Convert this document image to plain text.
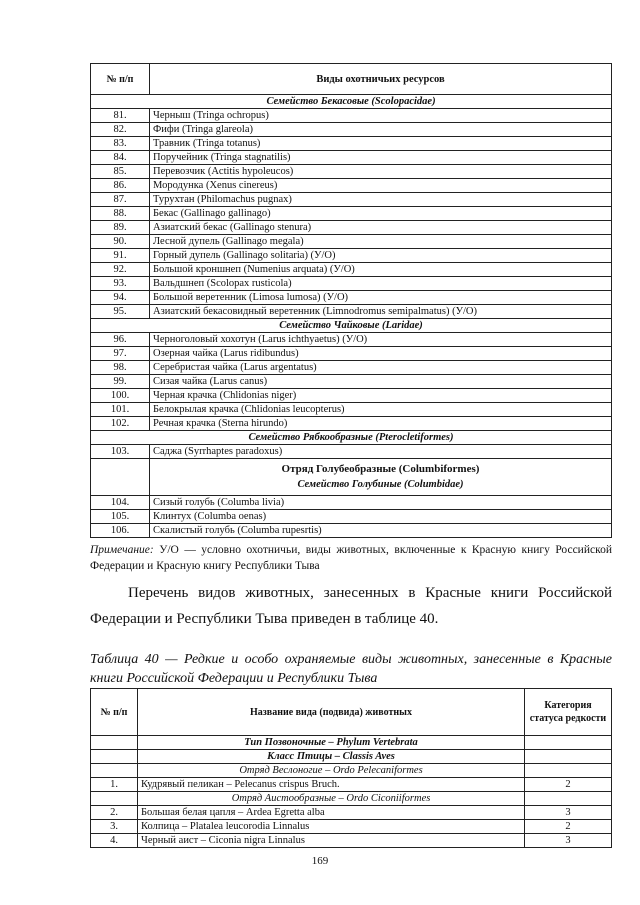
№ п/п	Виды охотничьих ресурсов
Семейство Бекасовые (Scolopacidae)	
81.	Черныш (Tringa ochropus)
82.	Фифи (Tringa glareola)
83.	Травник (Tringa totanus)
84.	Поручейник (Tringa stagnatilis)
85.	Перевозчик (Actitis hypoleucos)
86.	Мородунка (Xenus cinereus)
87.	Турухтан (Philomachus pugnax)
88.	Бекас (Gallinago gallinago)
89.	Азиатский бекас (Gallinago stenura)
90.	Лесной дупель (Gallinago megala)
91.	Горный дупель (Gallinago solitaria) (У/О)
92.	Большой кроншнеп (Numenius arquata) (У/О)
93.	Вальдшнеп (Scolopax rusticola)
94.	Большой веретенник (Limosa lumosa) (У/О)
95.	Азиатский бекасовидный веретенник (Limnodromus semipalmatus) (У/О)
Семейство Чайковые (Laridae)	
96.	Черноголовый хохотун (Larus ichthyaetus) (У/О)
97.	Озерная чайка (Larus ridibundus)
98.	Серебристая чайка (Larus argentatus)
99.	Сизая чайка (Larus canus)
100.	Черная крачка (Chlidonias niger)
101.	Белокрылая крачка (Chlidonias leucopterus)
102.	Речная крачка (Sterna hirundo)
Семейство Рябкообразные (Pterocletiformes)	
103.	Саджа (Syrrhaptes paradoxus)

	Отряд Голубеобразные (Columbiformes)
Семейство Голубиные (Columbidae)

104.	Сизый голубь (Columba livia)
105.	Клинтух (Columba oenas)
106.	Скалистый голубь (Columba rupesrtis)
Примечание: У/О — условно охотничьи, виды животных, включенные к Красную книгу Российской Федерации и Красную книгу Республики Тыва
Перечень видов животных, занесенных в Красные книги Российской Федерации и Республики Тыва приведен в таблице 40.
Таблица 40 — Редкие и особо охраняемые виды животных, занесенные в Красные книги Российской Федерации и Республики Тыва
№ п/п	Название вида (подвида) животных	Категория статуса редкости
	Тип Позвоночные – Phylum Vertebrata	
	Класс Птицы – Classis Aves	
	Отряд Веслоногие – Ordo Pelecaniformes	
1.	Кудрявый пеликан – Pelecanus crispus Bruch.	2
	Отряд Аистообразные – Ordo Ciconiiformes	
2.	Большая белая цапля – Ardea Egretta alba	3
3.	Колпица – Platalea leucorodia Linnalus	2
4.	Черный аист – Ciconia nigra Linnalus	3
169
